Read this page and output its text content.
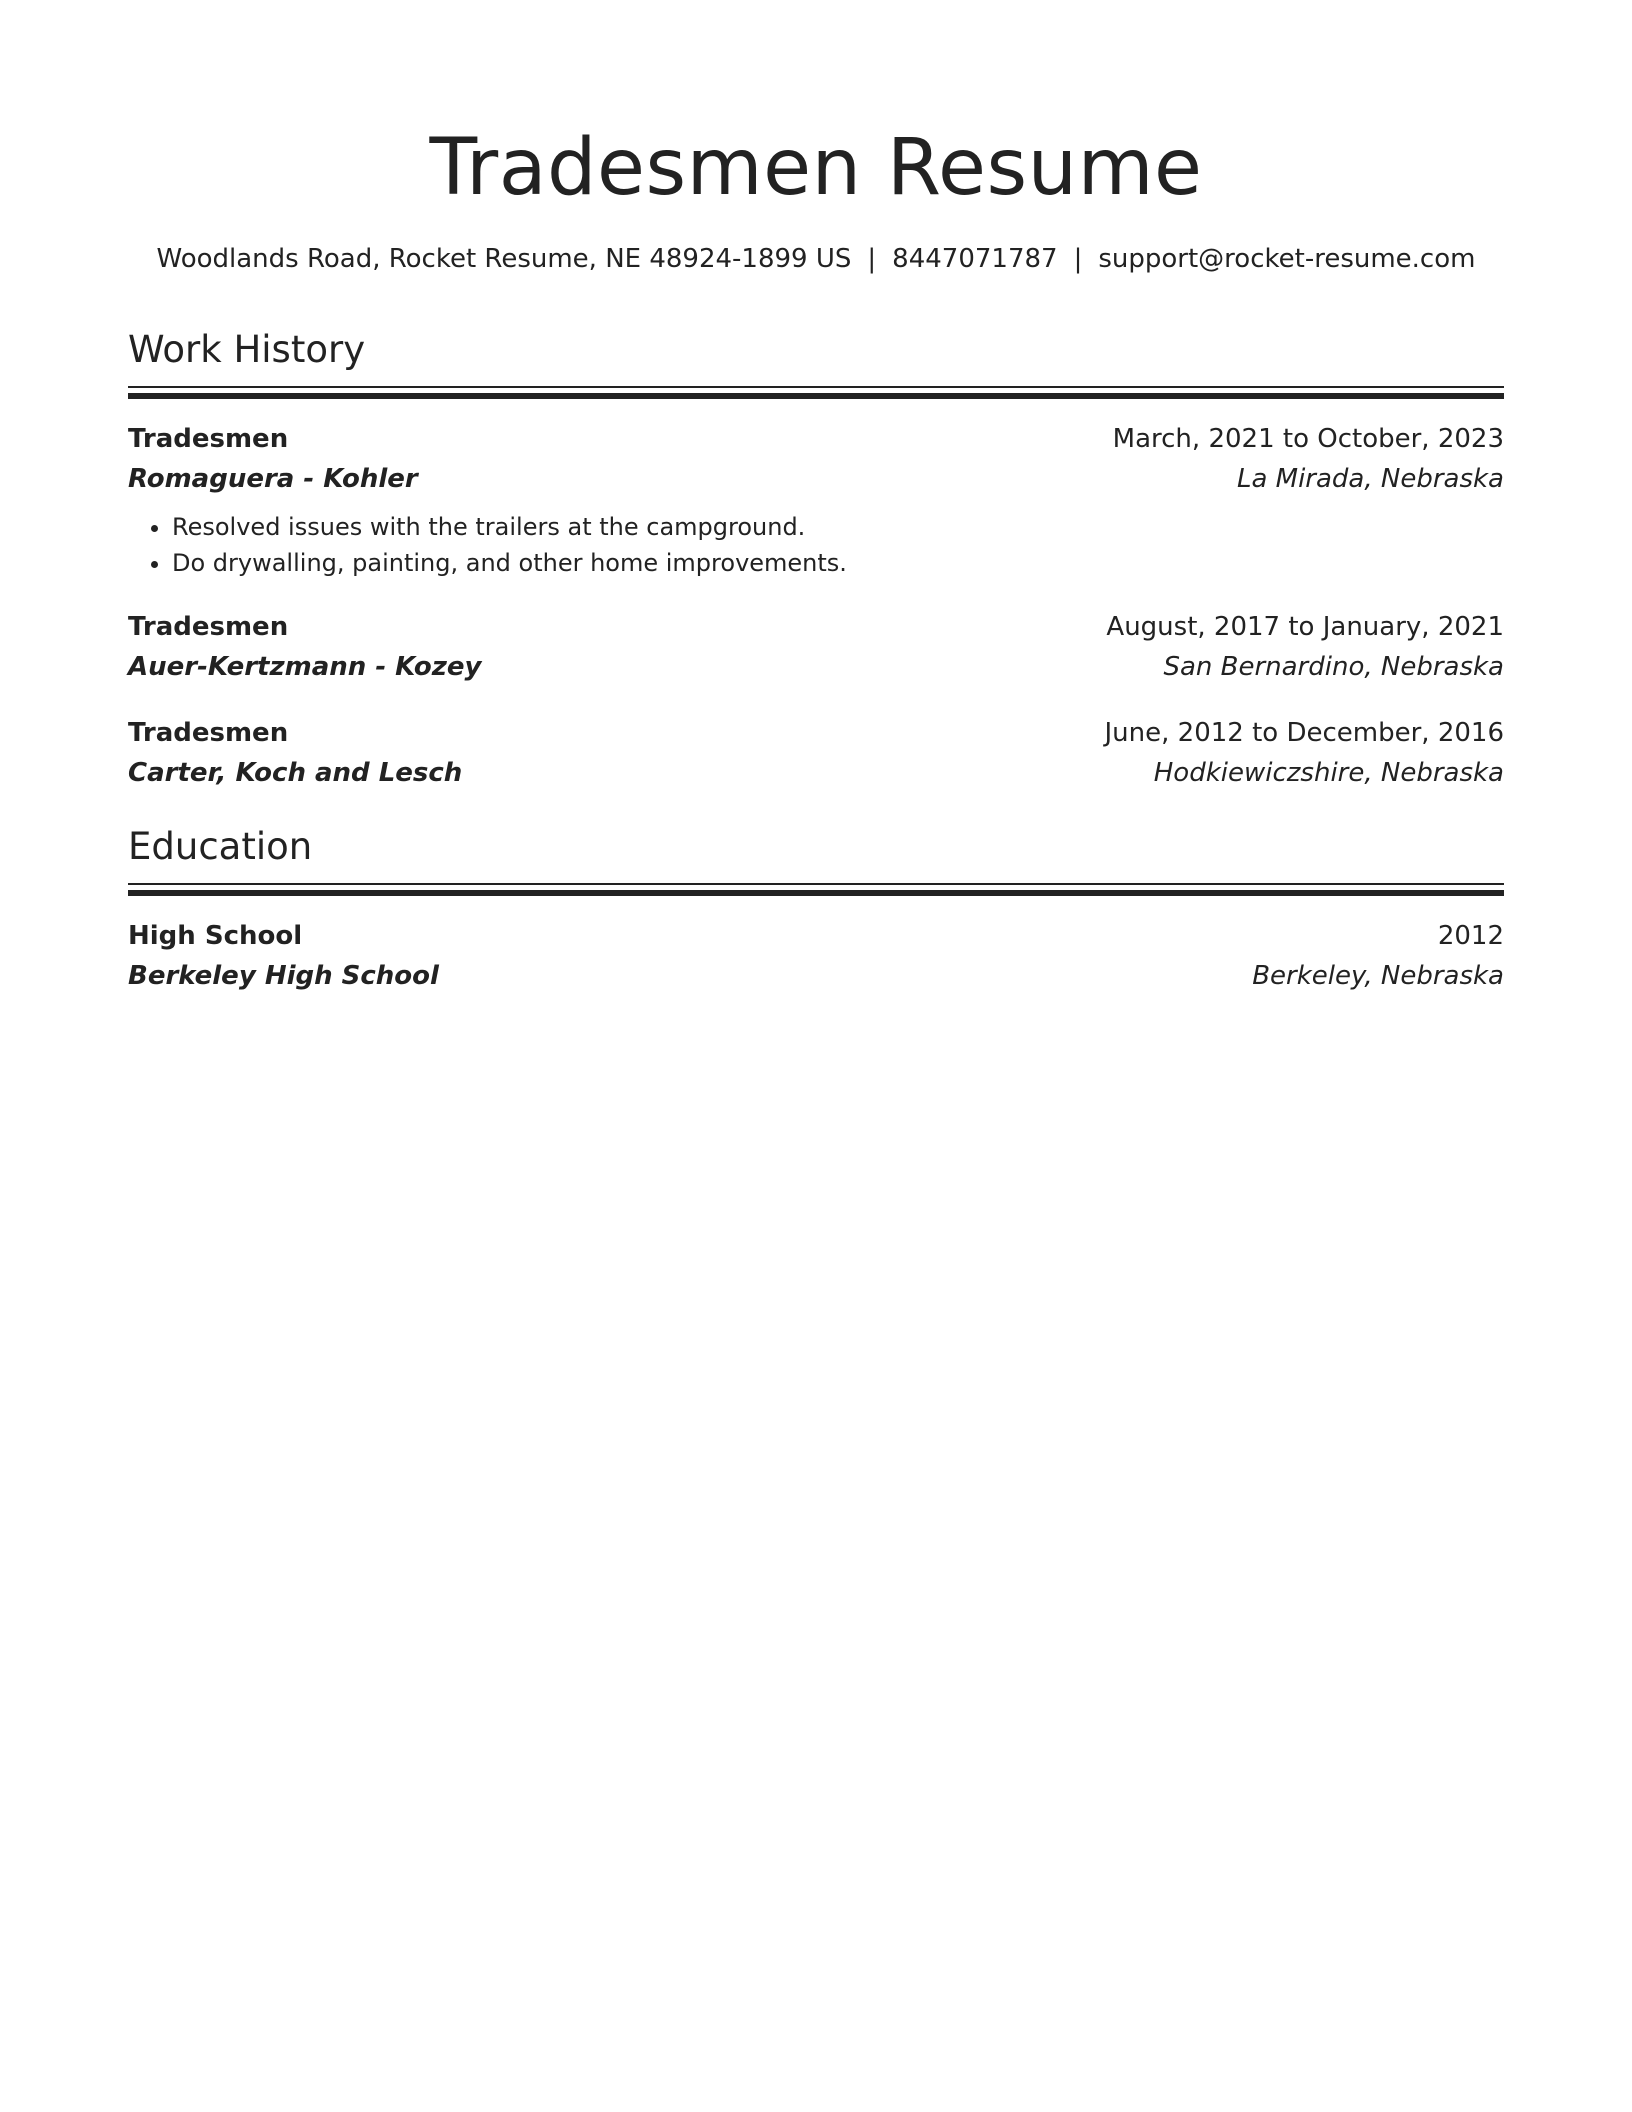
Tradesmen Resume
Woodlands Road, Rocket Resume, NE 48924-1899 US | 8447071787 | support@rocket-resume.com
Work History
Tradesmen	March, 2021 to October, 2023
Romaguera - Kohler	La Mirada, Nebraska
• Resolved issues with the trailers at the campground.
• Do drywalling, painting, and other home improvements.
Tradesmen	August, 2017 to January, 2021
Auer-Kertzmann - Kozey	San Bernardino, Nebraska
Tradesmen	June, 2012 to December, 2016
Carter, Koch and Lesch	Hodkiewiczshire, Nebraska
Education
High School	2012
Berkeley High School	Berkeley, Nebraska
